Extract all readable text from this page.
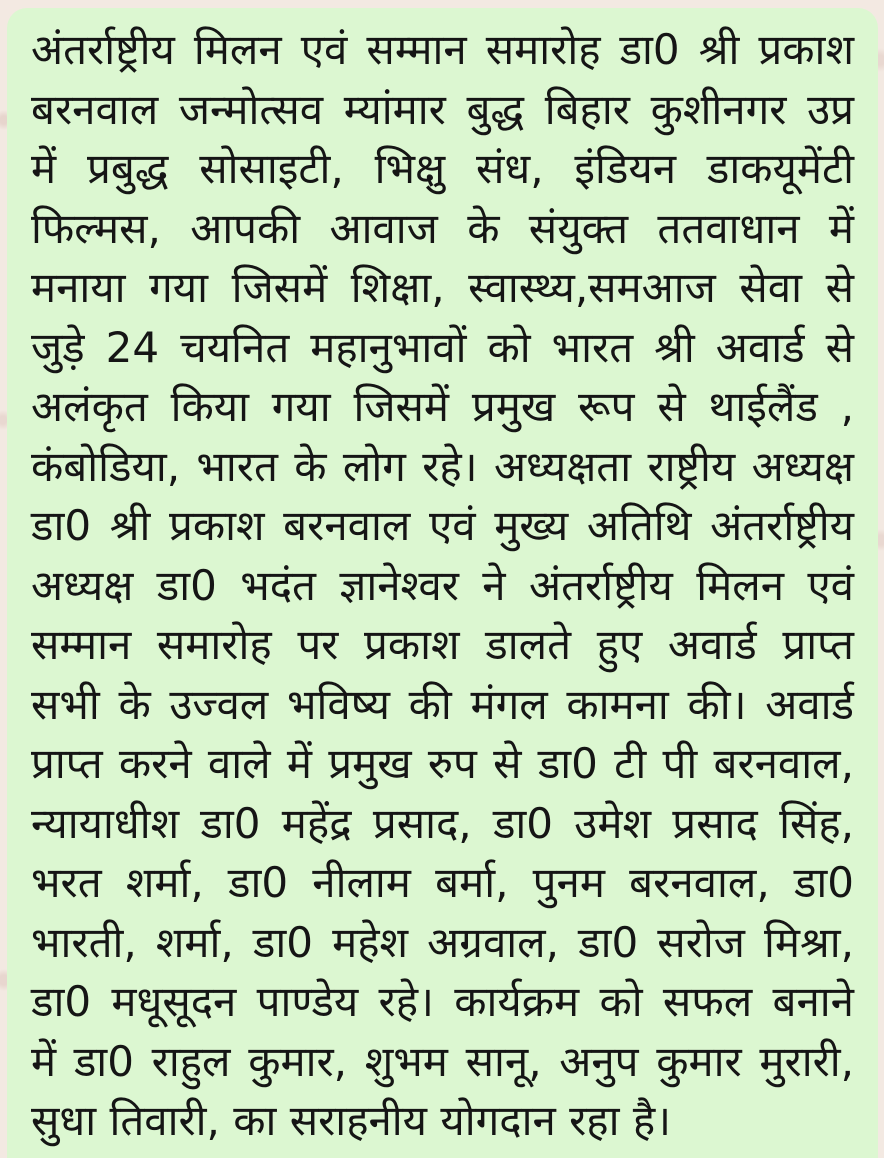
अंतर्राष्ट्रीय मिलन एवं सम्मान समारोह डा0 श्री प्रकाश
बरनवाल जन्मोत्सव म्यांमार बुद्ध बिहार कुशीनगर उप्र
में प्रबुद्ध सोसाइटी, भिक्षु संध, इंडियन डाकयूमेंटी
फिल्मस, आपकी आवाज के संयुक्त ततवाधान में
मनाया गया जिसमें शिक्षा, स्वास्थ्य,समआज सेवा से
जुड़े 24 चयनित महानुभावों को भारत श्री अवार्ड से
अलंकृत किया गया जिसमें प्रमुख रूप से थाईलैंड ,
कंबोडिया, भारत के लोग रहे। अध्यक्षता राष्ट्रीय अध्यक्ष
डा0 श्री प्रकाश बरनवाल एवं मुख्य अतिथि अंतर्राष्ट्रीय
अध्यक्ष डा0 भदंत ज्ञानेश्वर ने अंतर्राष्ट्रीय मिलन एवं
सम्मान समारोह पर प्रकाश डालते हुए अवार्ड प्राप्त
सभी के उज्वल भविष्य की मंगल कामना की। अवार्ड
प्राप्त करने वाले में प्रमुख रुप से डा0 टी पी बरनवाल,
न्यायाधीश डा0 महेंद्र प्रसाद, डा0 उमेश प्रसाद सिंह,
भरत शर्मा, डा0 नीलाम बर्मा, पुनम बरनवाल, डा0
भारती, शर्मा, डा0 महेश अग्रवाल, डा0 सरोज मिश्रा,
डा0 मधूसूदन पाण्डेय रहे। कार्यक्रम को सफल बनाने
में डा0 राहुल कुमार, शुभम सानू, अनुप कुमार मुरारी,
सुधा तिवारी, का सराहनीय योगदान रहा है।
